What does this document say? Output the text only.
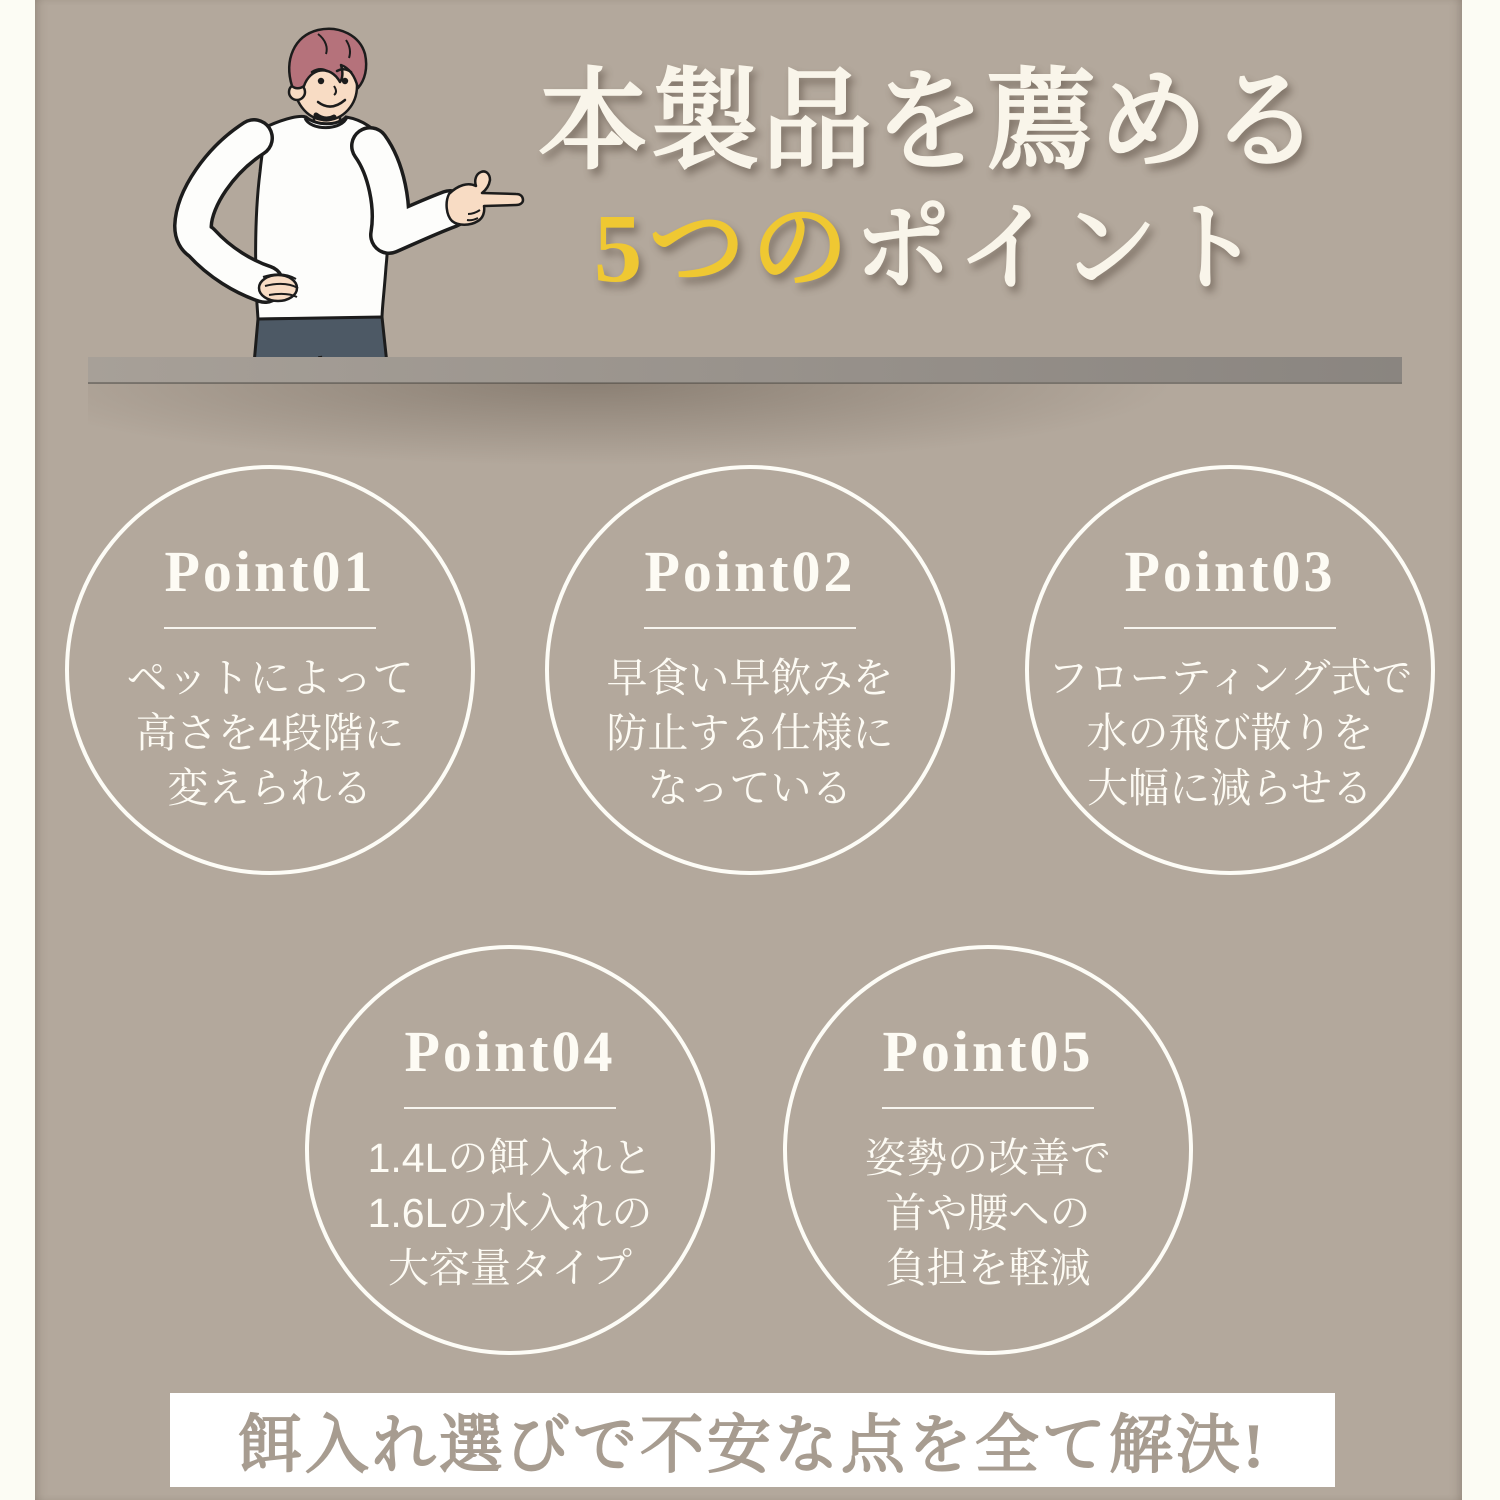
本製品を薦める
5つのポイント
Point01
ペットによって
高さを4段階に
変えられる
Point02
早食い早飲みを
防止する仕様に
なっている
Point03
フローティング式で
水の飛び散りを
大幅に減らせる
Point04
1.4Lの餌入れと
1.6Lの水入れの
大容量タイプ
Point05
姿勢の改善で
首や腰への
負担を軽減
餌入れ選びで不安な点を全て解決!
